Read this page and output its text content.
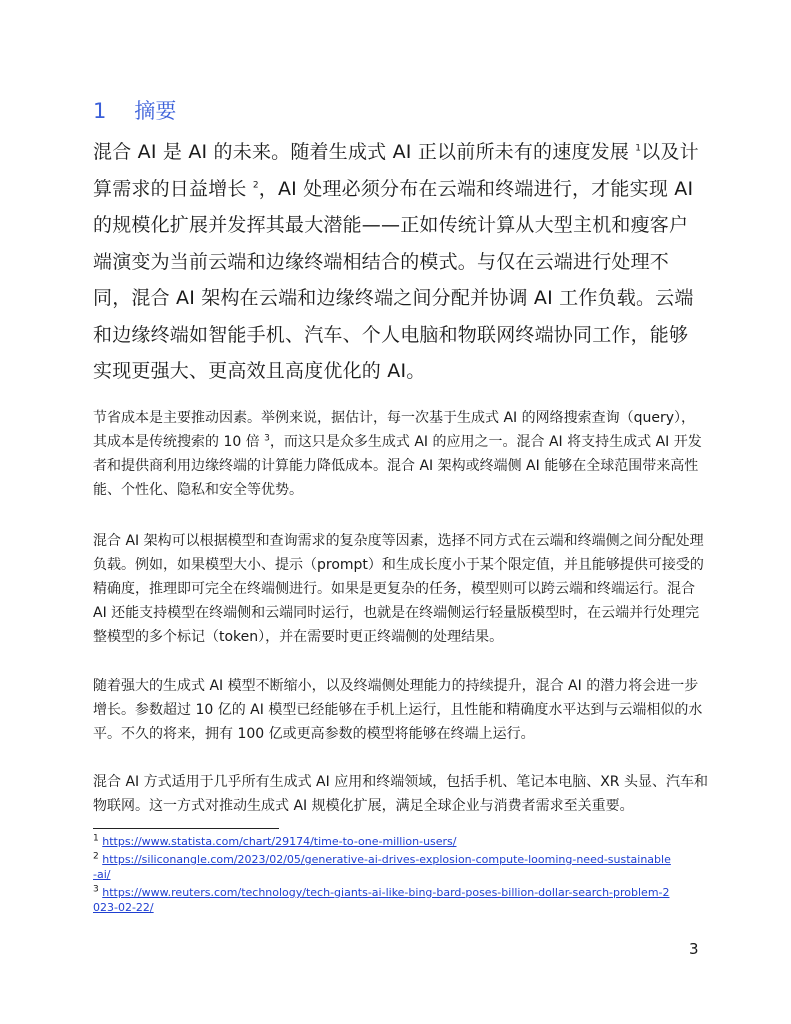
1 摘要

混合 AI 是 AI 的未来。随着生成式 AI 正以前所未有的速度发展 $^1$以及计算需求的日益增长 $^2$，AI 处理必须分布在云端和终端进行，才能实现 AI 的规模化扩展并发挥其最大潜能——正如传统计算从大型主机和瘦客户端演变为当前云端和边缘终端相结合的模式。与仅在云端进行处理不同，混合 AI 架构在云端和边缘终端之间分配并协调 AI 工作负载。云端和边缘终端如智能手机、汽车、个人电脑和物联网终端协同工作，能够实现更强大、更高效且高度优化的 AI。

节省成本是主要推动因素。举例来说，据估计，每一次基于生成式 AI 的网络搜索查询（query），其成本是传统搜索的 10 倍 $^3$，而这只是众多生成式 AI 的应用之一。混合 AI 将支持生成式 AI 开发者和提供商利用边缘终端的计算能力降低成本。混合 AI 架构或终端侧 AI 能够在全球范围带来高性能、个性化、隐私和安全等优势。

混合 AI 架构可以根据模型和查询需求的复杂度等因素，选择不同方式在云端和终端侧之间分配处理负载。例如，如果模型大小、提示（prompt）和生成长度小于某个限定值，并且能够提供可接受的精确度，推理即可完全在终端侧进行。如果是更复杂的任务，模型则可以跨云端和终端运行。混合 AI 还能支持模型在终端侧和云端同时运行，也就是在终端侧运行轻量版模型时，在云端并行处理完整模型的多个标记（token），并在需要时更正终端侧的处理结果。

随着强大的生成式 AI 模型不断缩小，以及终端侧处理能力的持续提升，混合 AI 的潜力将会进一步增长。参数超过 10 亿的 AI 模型已经能够在手机上运行，且性能和精确度水平达到与云端相似的水平。不久的将来，拥有 100 亿或更高参数的模型将能够在终端上运行。

混合 AI 方式适用于几乎所有生成式 AI 应用和终端领域，包括手机、笔记本电脑、XR 头显、汽车和物联网。这一方式对推动生成式 AI 规模化扩展，满足全球企业与消费者需求至关重要。

$^1$ https://www.statista.com/chart/29174/time-to-one-million-users/

$^2$ https://siliconangle.com/2023/02/05/generative-ai-drives-explosion-compute-looming-need-sustainable-ai/

$^3$ https://www.reuters.com/technology/tech-giants-ai-like-bing-bard-poses-billion-dollar-search-problem-2023-02-22/

3
